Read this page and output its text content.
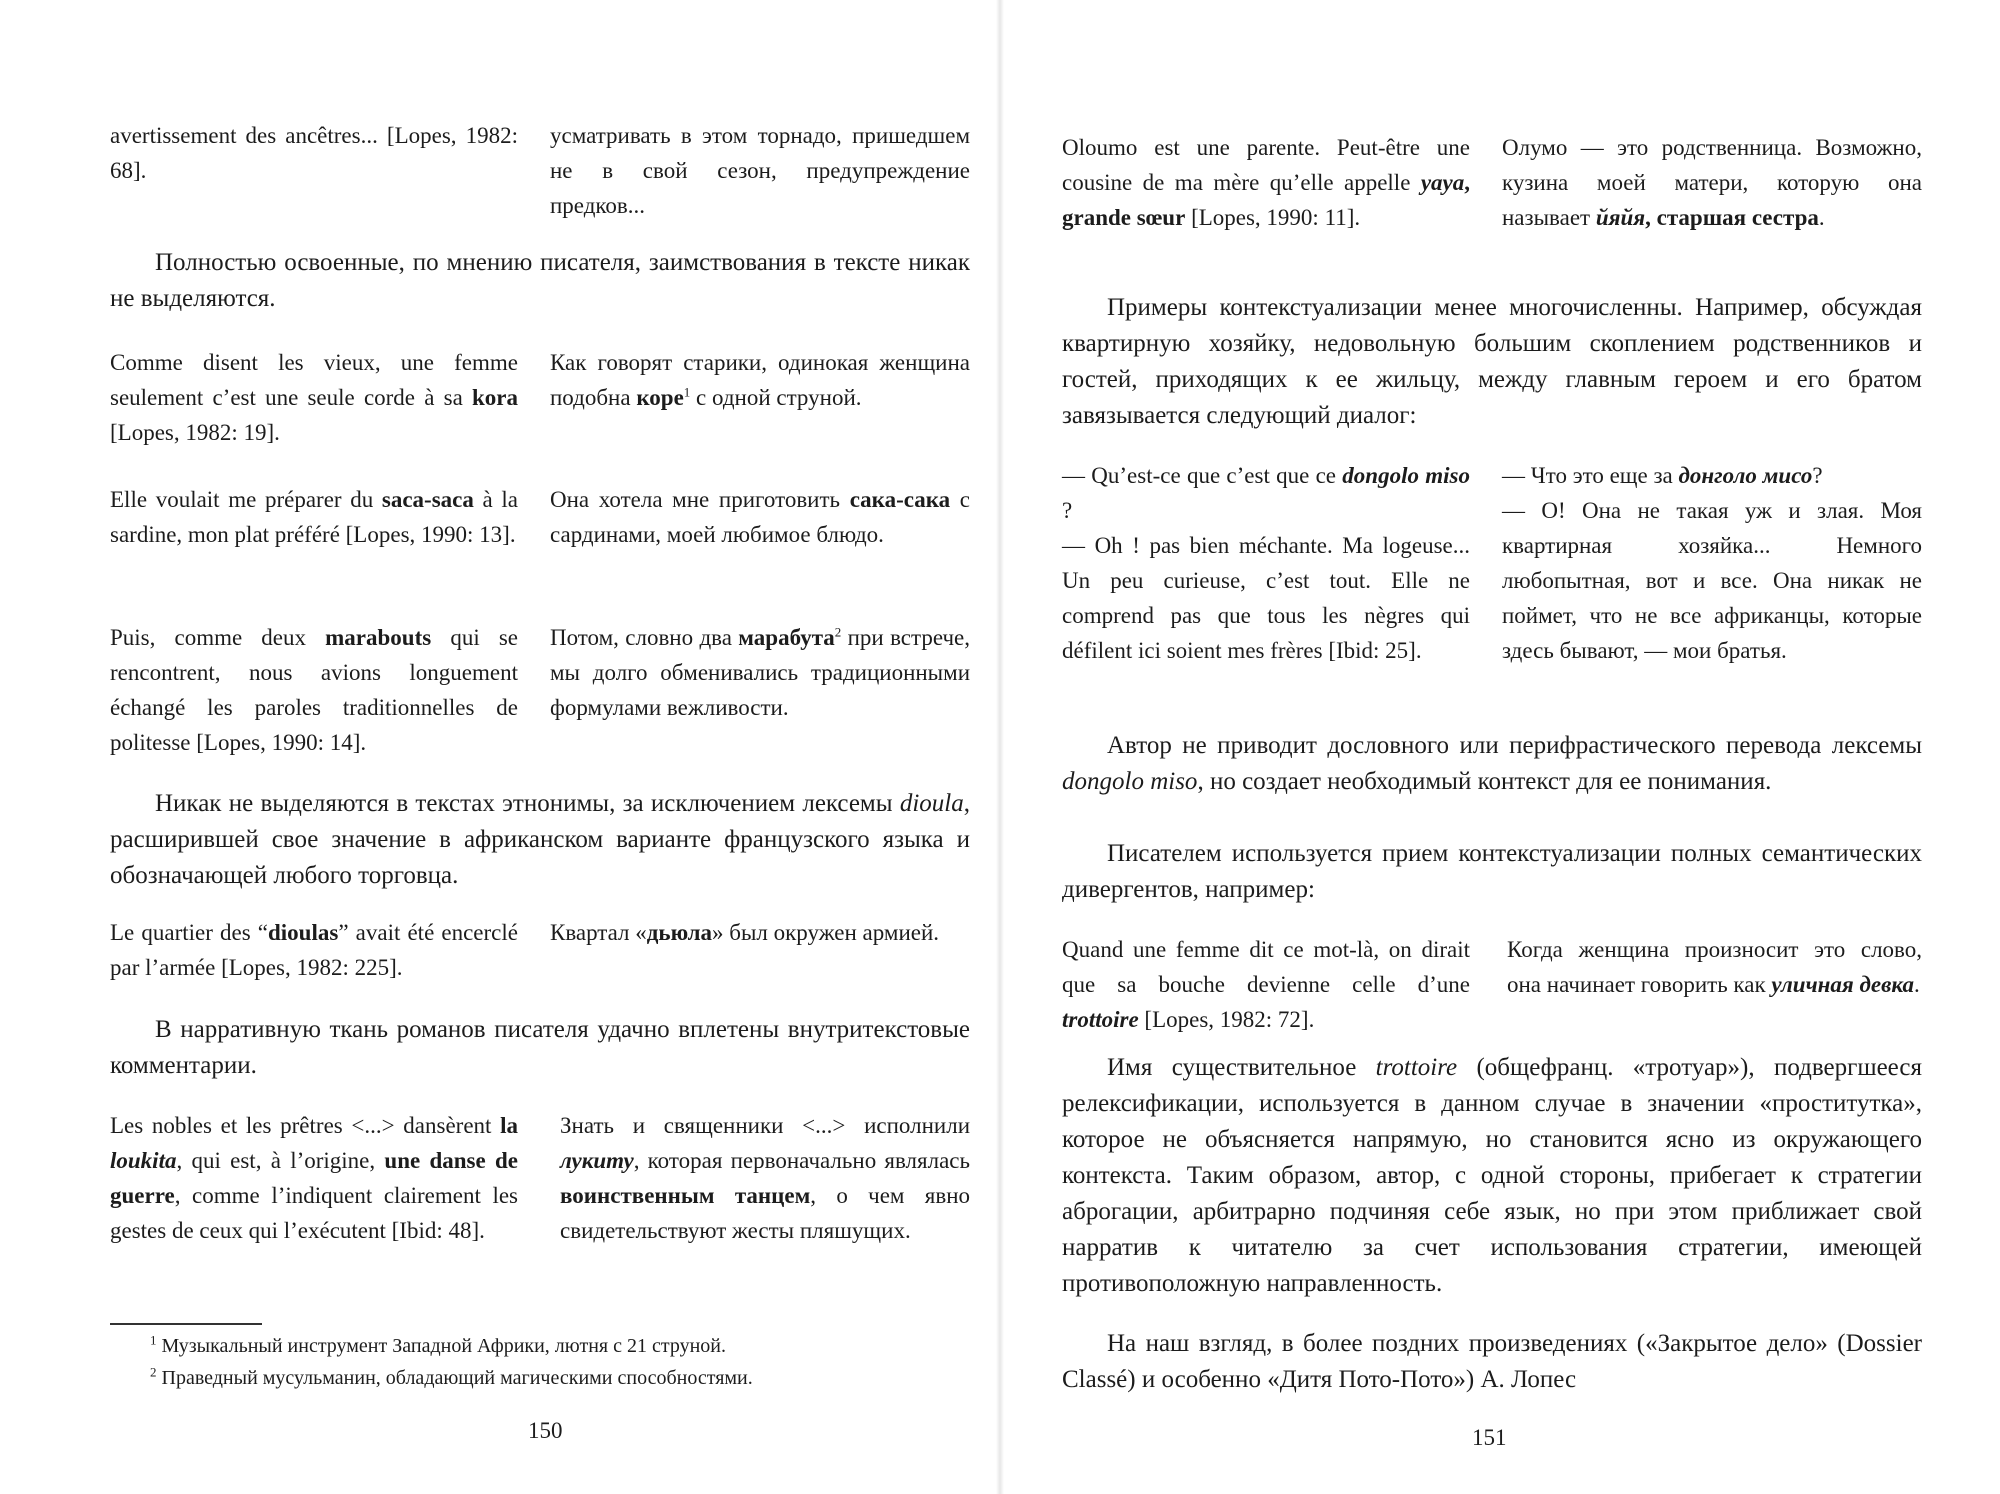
avertissement des ancêtres... [Lopes, 1982: 68].

усматривать в этом торнадо, пришедшем не в свой сезон, предупреждение предков...

Полностью освоенные, по мнению писателя, заимствования в тексте никак не выделяются.

Comme disent les vieux, une femme seulement c’est une seule corde à sa kora [Lopes, 1982: 19].

Как говорят старики, одинокая женщина подобна коре$^1$ с одной струной.

Elle voulait me préparer du saca-saca à la sardine, mon plat préféré [Lopes, 1990: 13].

Она хотела мне приготовить сака-сака с сардинами, моей любимое блюдо.

Puis, comme deux marabouts qui se rencontrent, nous avions longuement échangé les paroles traditionnelles de politesse [Lopes, 1990: 14].

Потом, словно два марабута$^2$ при встрече, мы долго обменивались традиционными формулами вежливости.

Никак не выделяются в текстах этнонимы, за исключением лексемы dioula, расширившей свое значение в африканском варианте французского языка и обозначающей любого торговца.

Le quartier des “dioulas” avait été encerclé par l’armée [Lopes, 1982: 225].

Квартал «дьюла» был окружен армией.

В нарративную ткань романов писателя удачно вплетены внутритекстовые комментарии.

Les nobles et les prêtres <...> dansèrent la loukita, qui est, à l’origine, une danse de guerre, comme l’indiquent clairement les gestes de ceux qui l’exécutent [Ibid: 48].

Знать и священники <...> исполнили лукиту, которая первоначально являлась воинственным танцем, о чем явно свидетельствуют жесты пляшущих.

$^1$ Музыкальный инструмент Западной Африки, лютня с 21 струной.

$^2$ Праведный мусульманин, обладающий магическими способностями.

150

Oloumo est une parente. Peut-être une cousine de ma mère qu’elle appelle yaya, grande sœur [Lopes, 1990: 11].

Олумо — это родственница. Возможно, кузина моей матери, которую она называет йяйя, старшая сестра.

Примеры контекстуализации менее многочисленны. Например, обсуждая квартирную хозяйку, недовольную большим скоплением родственников и гостей, приходящих к ее жильцу, между главным героем и его братом завязывается следующий диалог:

— Qu’est-ce que c’est que ce dongolo miso ?

— Oh ! pas bien méchante. Ma logeuse... Un peu curieuse, c’est tout. Elle ne comprend pas que tous les nègres qui défilent ici soient mes frères [Ibid: 25].

— Что это еще за донголо мисо?

— О! Она не такая уж и злая. Моя квартирная хозяйка... Немного любопытная, вот и все. Она никак не поймет, что не все африканцы, которые здесь бывают, — мои братья.

Автор не приводит дословного или перифрастического перевода лексемы dongolo miso, но создает необходимый контекст для ее понимания.

Писателем используется прием контекстуализации полных семантических дивергентов, например:

Quand une femme dit ce mot-là, on dirait que sa bouche devienne celle d’une trottoire [Lopes, 1982: 72].

Когда женщина произносит это слово, она начинает говорить как уличная девка.

Имя существительное trottoire (общефранц. «тротуар»), подвергшееся релексификации, используется в данном случае в значении «проститутка», которое не объясняется напрямую, но становится ясно из окружающего контекста. Таким образом, автор, с одной стороны, прибегает к стратегии аброгации, арбитрарно подчиняя себе язык, но при этом приближает свой нарратив к читателю за счет использования стратегии, имеющей противоположную направленность.

На наш взгляд, в более поздних произведениях («Закрытое дело» (Dossier Classé) и особенно «Дитя Пото-Пото») А. Лопес

151
